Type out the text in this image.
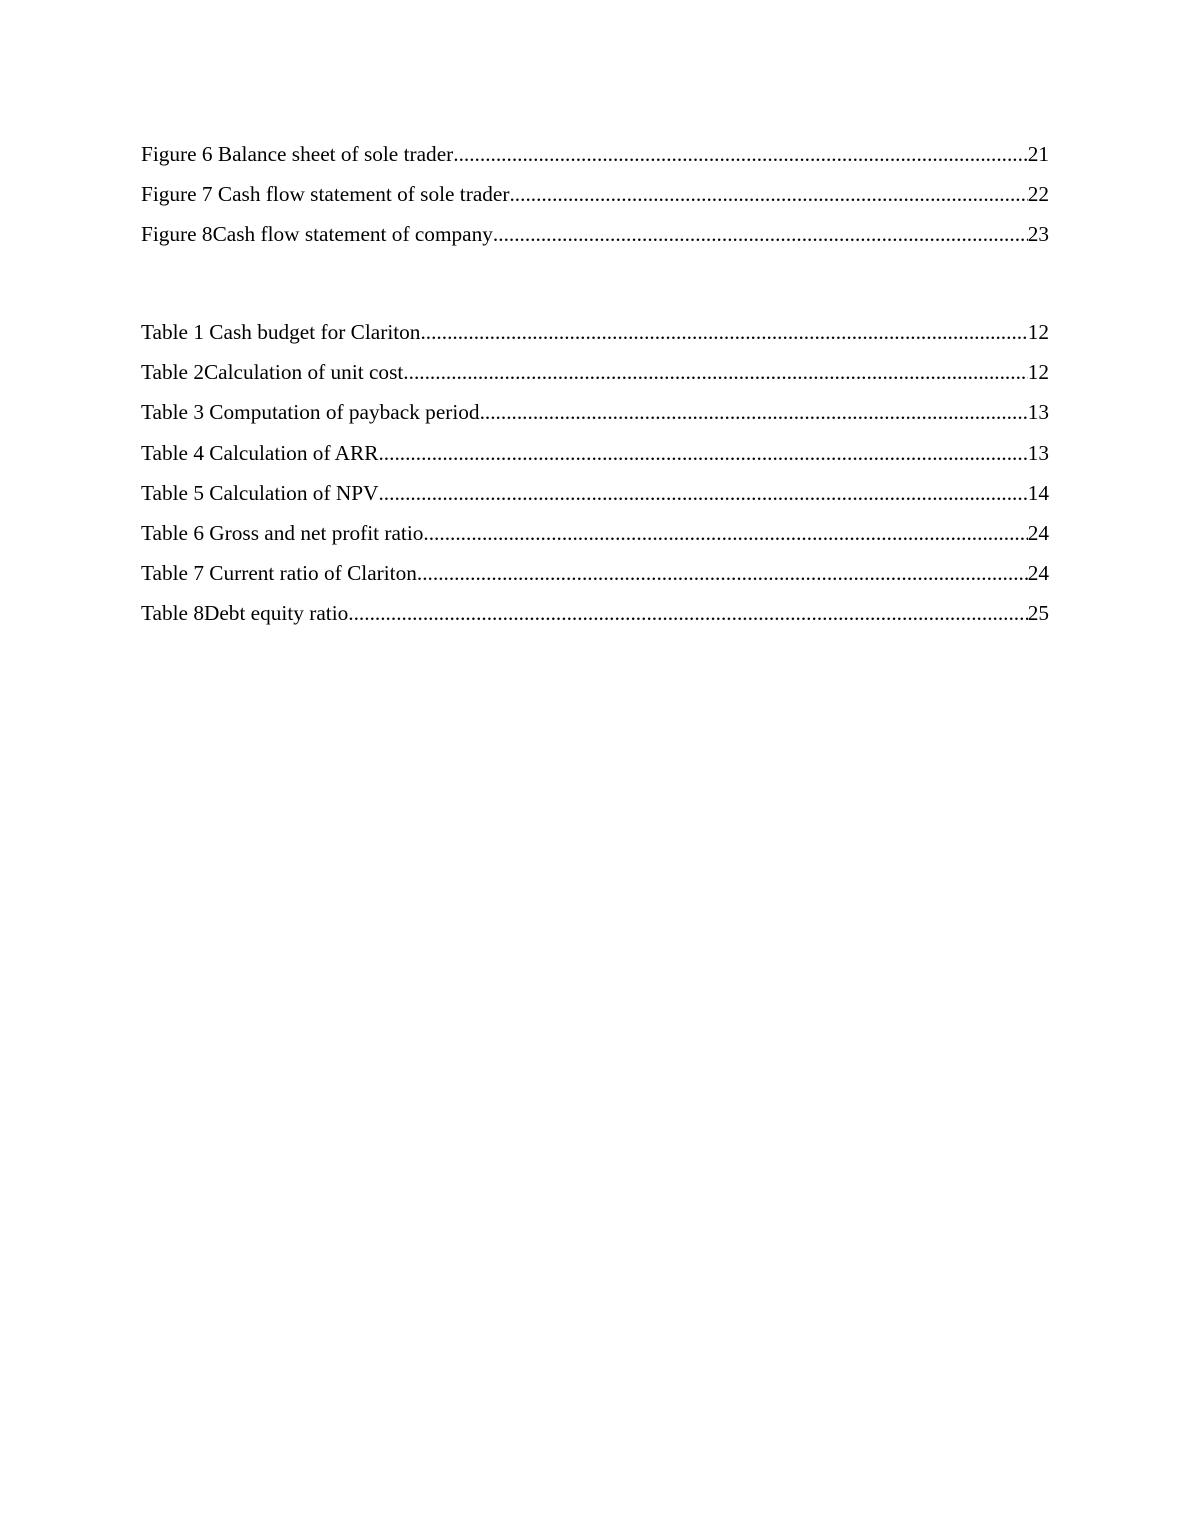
Figure 6 Balance sheet of sole trader .....	21
Figure 7 Cash flow statement of sole trader .....	22
Figure 8Cash flow statement of company .....	23
Table 1 Cash budget for Clariton .....	12
Table 2Calculation of unit cost .....	12
Table 3 Computation of payback period .....	13
Table 4 Calculation of ARR .....	13
Table 5 Calculation of NPV .....	14
Table 6 Gross and net profit ratio .....	24
Table 7 Current ratio of Clariton .....	24
Table 8Debt equity ratio .....	25
